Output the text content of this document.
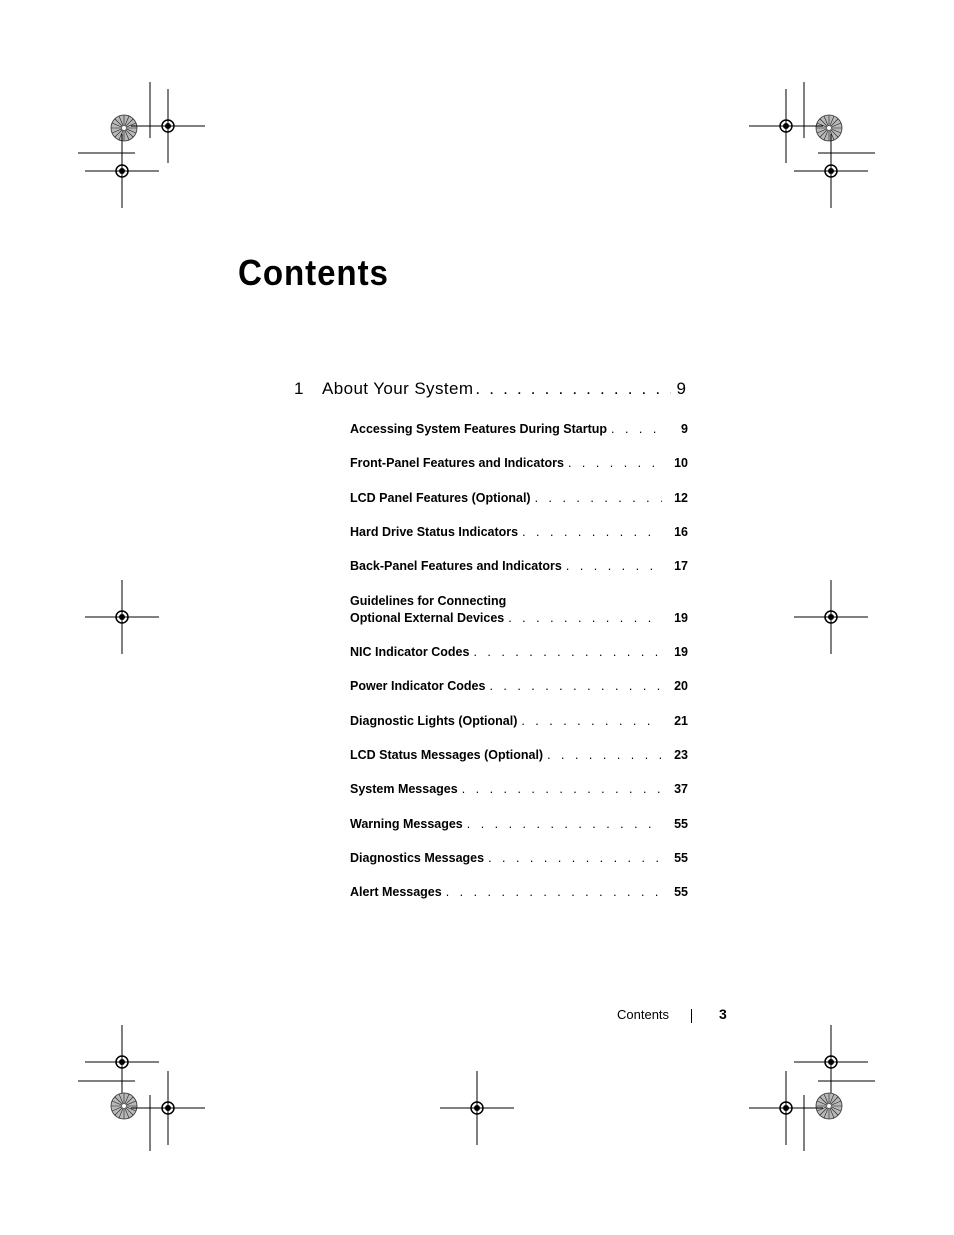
Contents
1	About Your System . . .	9
Accessing System Features During Startup . . .	9
Front-Panel Features and Indicators . . .	10
LCD Panel Features (Optional) . . .	12
Hard Drive Status Indicators . . .	16
Back-Panel Features and Indicators . . .	17
Guidelines for Connecting
Optional External Devices . . .	19
NIC Indicator Codes . . .	19
Power Indicator Codes . . .	20
Diagnostic Lights (Optional) . . .	21
LCD Status Messages (Optional) . . .	23
System Messages . . .	37
Warning Messages . . .	55
Diagnostics Messages . . .	55
Alert Messages . . .	55
Contents	3
